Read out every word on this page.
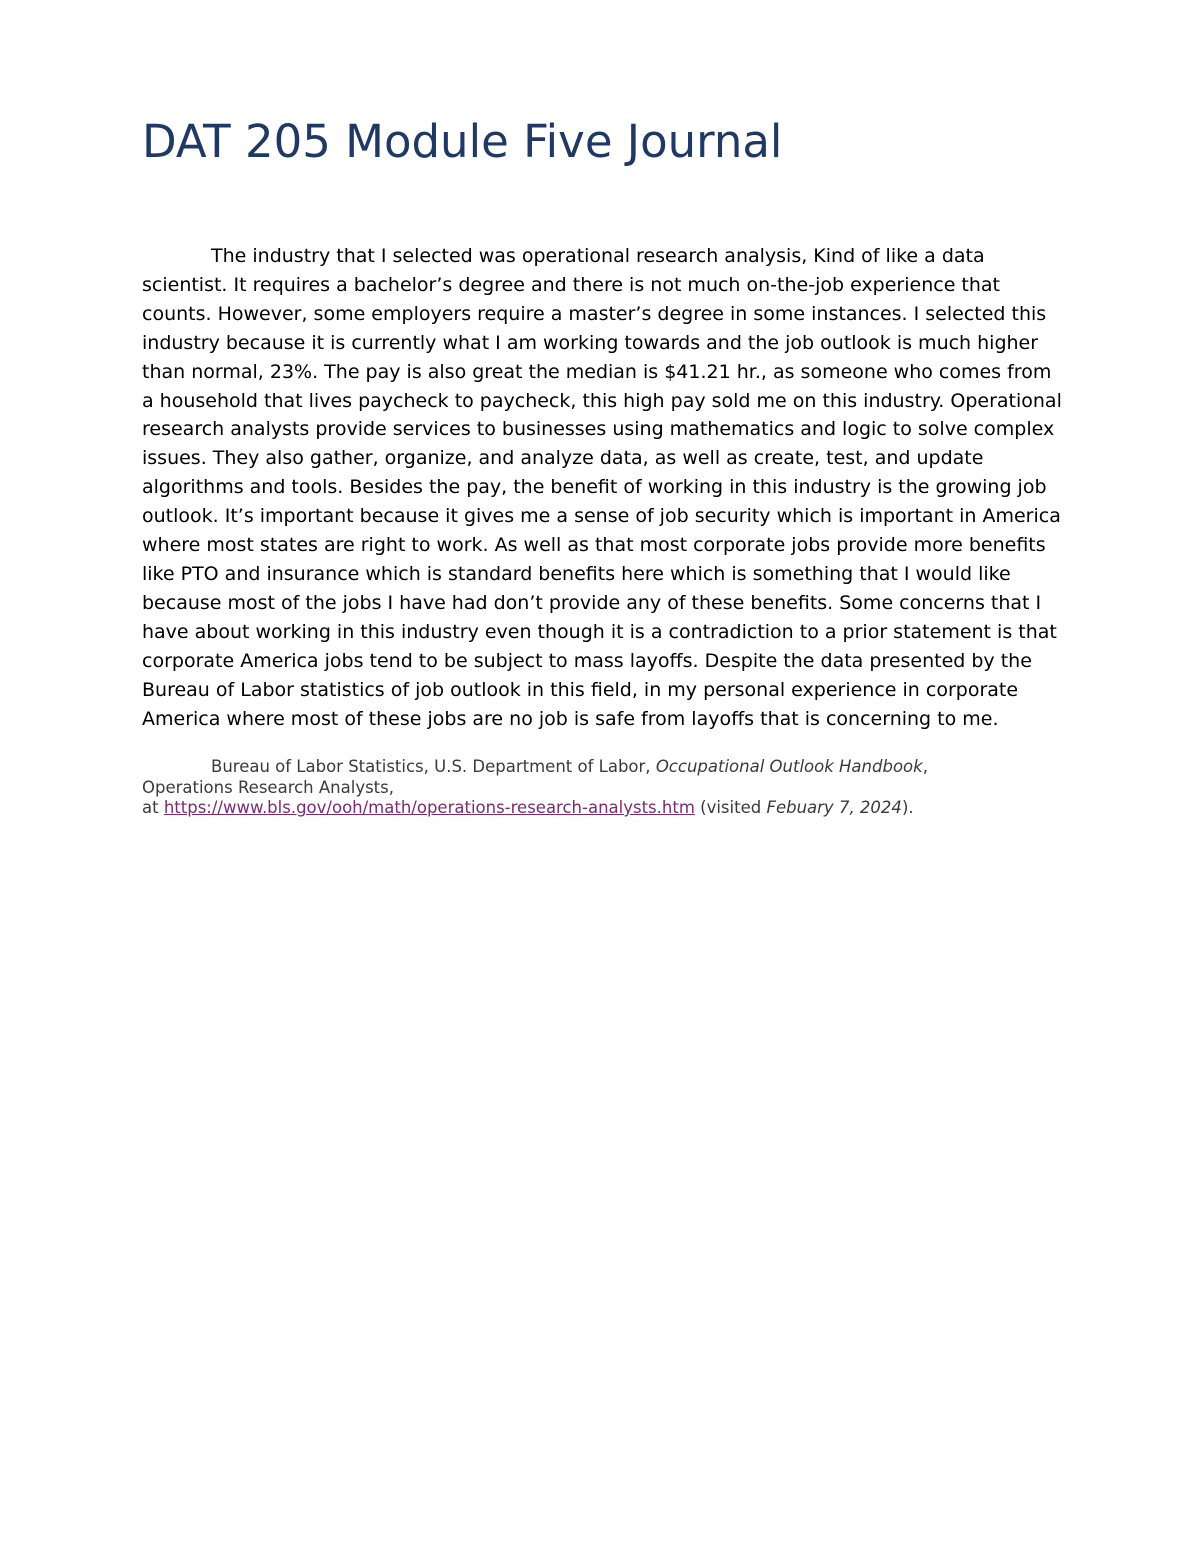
DAT 205 Module Five Journal
The industry that I selected was operational research analysis, Kind of like a data
scientist. It requires a bachelor’s degree and there is not much on-the-job experience that
counts. However, some employers require a master’s degree in some instances. I selected this
industry because it is currently what I am working towards and the job outlook is much higher
than normal, 23%. The pay is also great the median is $41.21 hr., as someone who comes from
a household that lives paycheck to paycheck, this high pay sold me on this industry. Operational
research analysts provide services to businesses using mathematics and logic to solve complex
issues. They also gather, organize, and analyze data, as well as create, test, and update
algorithms and tools. Besides the pay, the benefit of working in this industry is the growing job
outlook. It’s important because it gives me a sense of job security which is important in America
where most states are right to work. As well as that most corporate jobs provide more benefits
like PTO and insurance which is standard benefits here which is something that I would like
because most of the jobs I have had don’t provide any of these benefits. Some concerns that I
have about working in this industry even though it is a contradiction to a prior statement is that
corporate America jobs tend to be subject to mass layoffs. Despite the data presented by the
Bureau of Labor statistics of job outlook in this field, in my personal experience in corporate
America where most of these jobs are no job is safe from layoffs that is concerning to me.
Bureau of Labor Statistics, U.S. Department of Labor, Occupational Outlook Handbook,
Operations Research Analysts,
at https://www.bls.gov/ooh/math/operations-research-analysts.htm (visited Febuary 7, 2024).
